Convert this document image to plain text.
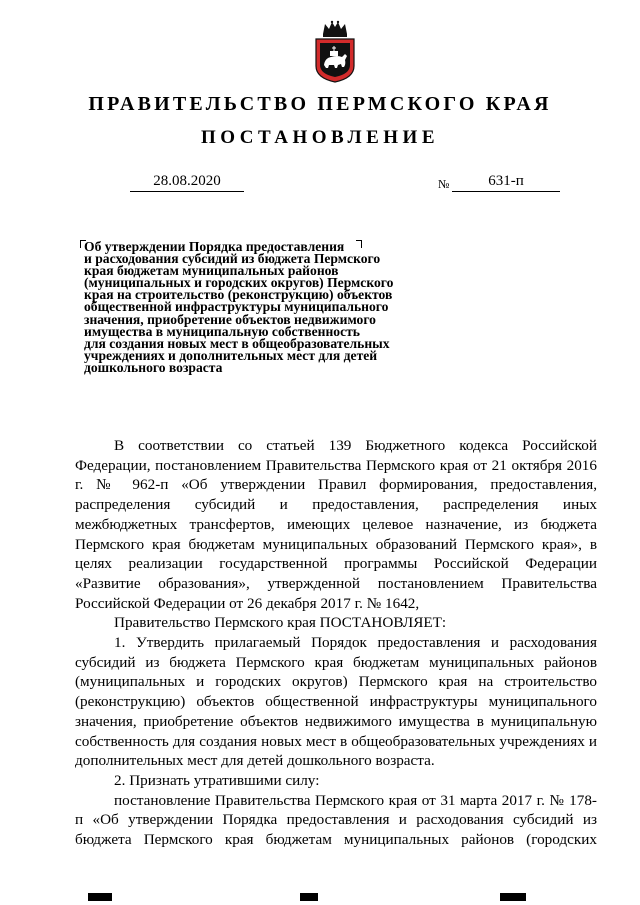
ПРАВИТЕЛЬСТВО ПЕРМСКОГО КРАЯ
ПОСТАНОВЛЕНИЕ
28.08.2020	№	631-п
Об утверждении Порядка предоставления
и расходования субсидий из бюджета Пермского
края бюджетам муниципальных районов
(муниципальных и городских округов) Пермского
края на строительство (реконструкцию) объектов
общественной инфраструктуры муниципального
значения, приобретение объектов недвижимого
имущества в муниципальную собственность
для создания новых мест в общеобразовательных
учреждениях и дополнительных мест для детей
дошкольного возраста

В соответствии со статьей 139 Бюджетного кодекса Российской Федерации, постановлением Правительства Пермского края от 21 октября 2016 г. № 962-п «Об утверждении Правил формирования, предоставления, распределения субсидий и предоставления, распределения иных межбюджетных трансфертов, имеющих целевое назначение, из бюджета Пермского края бюджетам муниципальных образований Пермского края», в целях реализации государственной программы Российской Федерации «Развитие образования», утвержденной постановлением Правительства Российской Федерации от 26 декабря 2017 г. № 1642,

Правительство Пермского края ПОСТАНОВЛЯЕТ:

1. Утвердить прилагаемый Порядок предоставления и расходования субсидий из бюджета Пермского края бюджетам муниципальных районов (муниципальных и городских округов) Пермского края на строительство (реконструкцию) объектов общественной инфраструктуры муниципального значения, приобретение объектов недвижимого имущества в муниципальную собственность для создания новых мест в общеобразовательных учреждениях и дополнительных мест для детей дошкольного возраста.

2. Признать утратившими силу:

постановление Правительства Пермского края от 31 марта 2017 г. № 178-п «Об утверждении Порядка предоставления и расходования субсидий из бюджета Пермского края бюджетам муниципальных районов (городских
